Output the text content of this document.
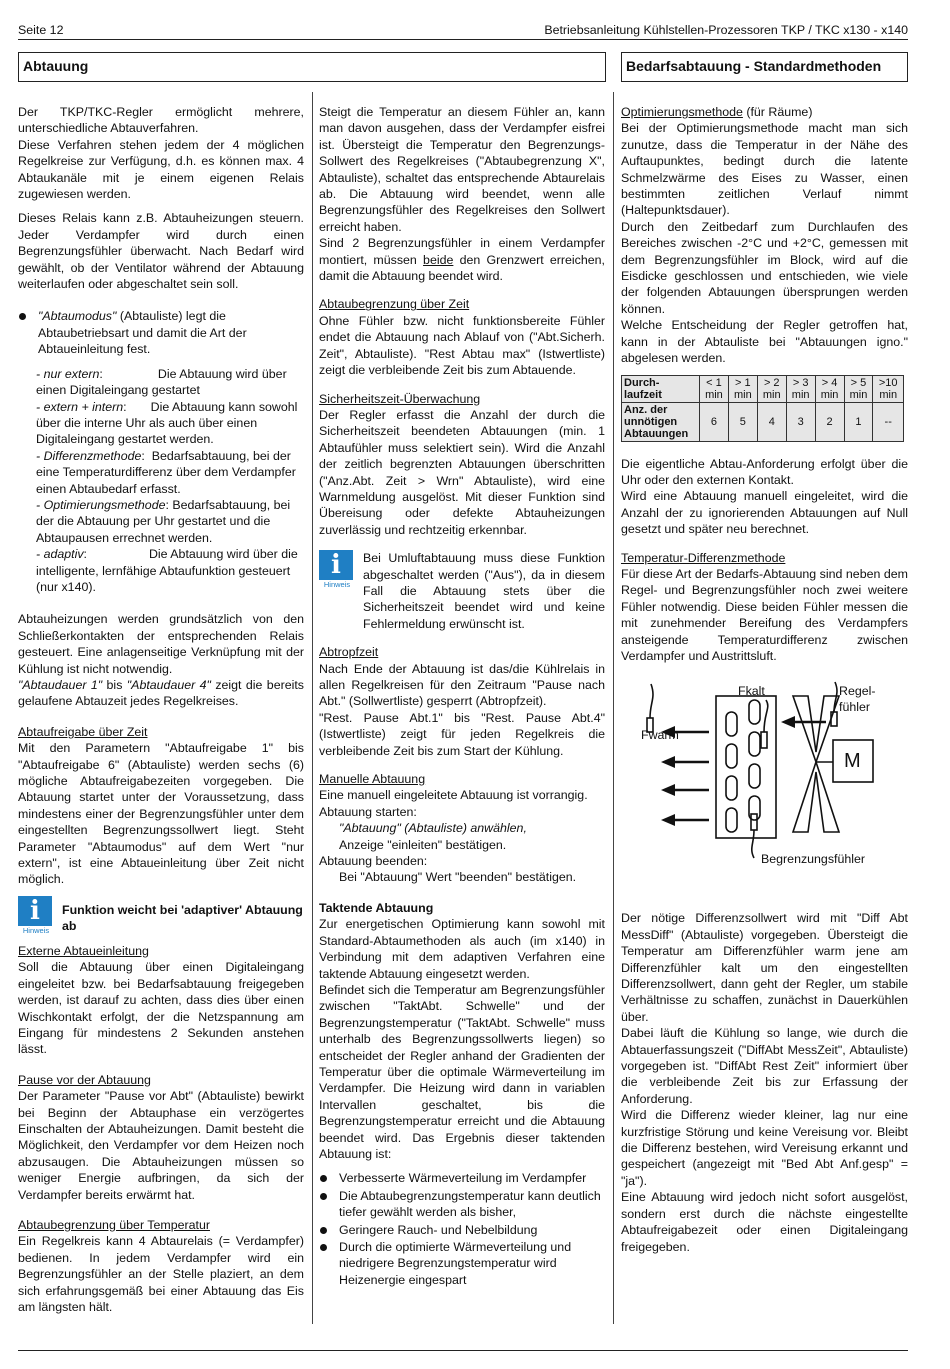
Seite 12	Betriebsanleitung Kühlstellen-Prozessoren TKP / TKC x130 - x140
Abtauung	Bedarfsabtauung - Standardmethoden

Der TKP/TKC-Regler ermöglicht mehrere, unterschiedliche Abtauverfahren.

Diese Verfahren stehen jedem der 4 möglichen Regelkreise zur Verfügung, d.h. es können max. 4 Abtaukanäle mit je einem eigenen Relais zugewiesen werden.

Dieses Relais kann z.B. Abtauheizungen steuern. Jeder Verdampfer wird durch einen Begrenzungsfühler überwacht. Nach Bedarf wird gewählt, ob der Ventilator während der Abtauung weiterlaufen oder abgeschaltet sein soll.

"Abtaumodus" (Abtauliste) legt die Abtaubetriebsart und damit die Art der Abtaueinleitung fest.

- nur extern:                Die Abtauung wird über einen Digitaleingang gestartet
- extern + intern:       Die Abtauung kann sowohl über die interne Uhr als auch über einen Digitaleingang gestartet werden.
- Differenzmethode:  Bedarfsabtauung, bei der eine Temperaturdifferenz über dem Verdampfer einen Abtaubedarf erfasst.
- Optimierungsmethode: Bedarfsabtauung, bei der die Abtauung per Uhr gestartet und die Abtaupausen errechnet werden.
- adaptiv:                  Die Abtauung wird über die intelligente, lernfähige Abtaufunktion gesteuert (nur x140).

Abtauheizungen werden grundsätzlich von den Schließerkontakten der entsprechenden Relais gesteuert. Eine anlagenseitige Verknüpfung mit der Kühlung ist nicht notwendig.

"Abtaudauer 1" bis "Abtaudauer 4" zeigt die bereits gelaufene Abtauzeit jedes Regelkreises.

Abtaufreigabe über Zeit

Mit den Parametern "Abtaufreigabe 1" bis "Abtaufreigabe 6" (Abtauliste) werden sechs (6) mögliche Abtaufreigabezeiten vorgegeben. Die Abtauung startet unter der Voraussetzung, dass mindestens einer der Begrenzungsfühler unter dem eingestellten Begrenzungssollwert liegt. Steht Parameter "Abtaumodus" auf dem Wert "nur extern", ist eine Abtaueinleitung über Zeit nicht möglich.

i
Hinweis
Funktion weicht bei 'adaptiver' Abtauung ab
Externe Abtaueinleitung

Soll die Abtauung über einen Digitaleingang eingeleitet bzw. bei Bedarfsabtauung freigegeben werden, ist darauf zu achten, dass dies über einen Wischkontakt erfolgt, der die Netzspannung am Eingang für mindestens 2 Sekunden anstehen lässt.

Pause vor der Abtauung

Der Parameter "Pause vor Abt" (Abtauliste) bewirkt bei Beginn der Abtauphase ein verzögertes Einschalten der Abtauheizungen. Damit besteht die Möglichkeit, den Verdampfer vor dem Heizen noch abzusaugen. Die Abtauheizungen müssen so weniger Energie aufbringen, da sich der Verdampfer bereits erwärmt hat.

Abtaubegrenzung über Temperatur

Ein Regelkreis kann 4 Abtaurelais (= Verdampfer) bedienen. In jedem Verdampfer wird ein Begrenzungsfühler an der Stelle plaziert, an dem sich erfahrungsgemäß bei einer Abtauung das Eis am längsten hält.

Steigt die Temperatur an diesem Fühler an, kann man davon ausgehen, dass der Verdampfer eisfrei ist. Übersteigt die Temperatur den Begrenzungs-Sollwert des Regelkreises ("Abtaubegrenzung X", Abtauliste), schaltet das entsprechende Abtaurelais ab. Die Abtauung wird beendet, wenn alle Begrenzungsfühler des Regelkreises den Sollwert erreicht haben.

Sind 2 Begrenzungsfühler in einem Verdampfer montiert, müssen beide den Grenzwert erreichen, damit die Abtauung beendet wird.

Abtaubegrenzung über Zeit

Ohne Fühler bzw. nicht funktionsbereite Fühler endet die Abtauung nach Ablauf von ("Abt.Sicherh. Zeit", Abtauliste). "Rest Abtau max" (Istwertliste) zeigt die verbleibende Zeit bis zum Abtauende.

Sicherheitszeit-Überwachung

Der Regler erfasst die Anzahl der durch die Sicherheitszeit beendeten Abtauungen (min. 1 Abtaufühler muss selektiert sein). Wird die Anzahl der zeitlich begrenzten Abtauungen überschritten ("Anz.Abt. Zeit > Wrn" Abtauliste), wird eine Warnmeldung ausgelöst. Mit dieser Funktion sind Übereisung oder defekte Abtauheizungen zuverlässig und rechtzeitig erkennbar.

i
Hinweis

Bei Umluftabtauung muss diese Funktion abgeschaltet werden ("Aus"), da in diesem Fall die Abtauung stets über die Sicherheitszeit beendet wird und keine Fehlermeldung erwünscht ist.

Abtropfzeit

Nach Ende der Abtauung ist das/die Kühlrelais in allen Regelkreisen für den Zeitraum "Pause nach Abt." (Sollwertliste) gesperrt (Abtropfzeit).

"Rest. Pause Abt.1" bis "Rest. Pause Abt.4" (Istwertliste) zeigt für jeden Regelkreis die verbleibende Zeit bis zum Start der Kühlung.

Manuelle Abtauung
Eine manuell eingeleitete Abtauung ist vorrangig.
Abtauung starten:
"Abtauung" (Abtauliste) anwählen,
Anzeige "einleiten" bestätigen.
Abtauung beenden:
Bei "Abtauung" Wert "beenden" bestätigen.
Taktende Abtauung

Zur energetischen Optimierung kann sowohl mit Standard-Abtaumethoden als auch (im x140) in Verbindung mit dem adaptiven Verfahren eine taktende Abtauung eingesetzt werden.

Befindet sich die Temperatur am Begrenzungsfühler zwischen "TaktAbt. Schwelle" und der Begrenzungstemperatur ("TaktAbt. Schwelle" muss unterhalb des Begrenzungssollwerts liegen) so entscheidet der Regler anhand der Gradienten der Temperatur über die optimale Wärmeverteilung im Verdampfer. Die Heizung wird dann in variablen Intervallen geschaltet, bis die Begrenzungstemperatur erreicht und die Abtauung beendet wird. Das Ergebnis dieser taktenden Abtauung ist:

Verbesserte Wärmeverteilung im Verdampfer
Die Abtaubegrenzungstemperatur kann deutlich tiefer gewählt werden als bisher,
Geringere Rauch- und Nebelbildung
Durch die optimierte Wärmeverteilung und niedrigere Begrenzungstemperatur wird Heizenergie eingespart
Optimierungsmethode (für Räume)

Bei der Optimierungsmethode macht man sich zunutze, dass die Temperatur in der Nähe des Auftaupunktes, bedingt durch die latente Schmelzwärme des Eises zu Wasser, einen bestimmten zeitlichen Verlauf nimmt (Haltepunktsdauer).

Durch den Zeitbedarf zum Durchlaufen des Bereiches zwischen -2°C und +2°C, gemessen mit dem Begrenzungsfühler im Block, wird auf die Eisdicke geschlossen und entschieden, wie viele der folgenden Abtauungen übersprungen werden können.

Welche Entscheidung der Regler getroffen hat, kann in der Abtauliste bei "Abtauungen igno." abgelesen werden.

Durch-laufzeit	< 1 min	> 1 min	> 2 min	> 3 min	> 4 min	> 5 min	>10 min
Anz. der unnötigen Abtauungen	6	5	4	3	2	1	--

Die eigentliche Abtau-Anforderung erfolgt über die Uhr oder den externen Kontakt.

Wird eine Abtauung manuell eingeleitet, wird die Anzahl der zu ignorierenden Abtauungen auf Null gesetzt und später neu berechnet.

Temperatur-Differenzmethode

Für diese Art der Bedarfs-Abtauung sind neben dem Regel- und Begrenzungsfühler noch zwei weitere Fühler notwendig. Diese beiden Fühler messen die mit zunehmender Bereifung des Verdampfers ansteigende Temperaturdifferenz zwischen Verdampfer und Austrittsluft.

Fkalt
Fwarm
Regel-
fühler
M
Begrenzungsfühler

Der nötige Differenzsollwert wird mit "Diff Abt MessDiff" (Abtauliste) vorgegeben. Übersteigt die Temperatur am Differenzfühler warm jene am Differenzfühler kalt um den eingestellten Differenzsollwert, dann geht der Regler, um stabile Verhältnisse zu schaffen, zunächst in Dauerkühlen über.

Dabei läuft die Kühlung so lange, wie durch die Abtauerfassungszeit ("DiffAbt MessZeit", Abtauliste) vorgegeben ist. "DiffAbt Rest Zeit" informiert über die verbleibende Zeit bis zur Erfassung der Anforderung.

Wird die Differenz wieder kleiner, lag nur eine kurzfristige Störung und keine Vereisung vor. Bleibt die Differenz bestehen, wird Vereisung erkannt und gespeichert (angezeigt mit "Bed Abt Anf.gesp" = "ja").

Eine Abtauung wird jedoch nicht sofort ausgelöst, sondern erst durch die nächste eingestellte Abtaufreigabezeit oder einen Digitaleingang freigegeben.
